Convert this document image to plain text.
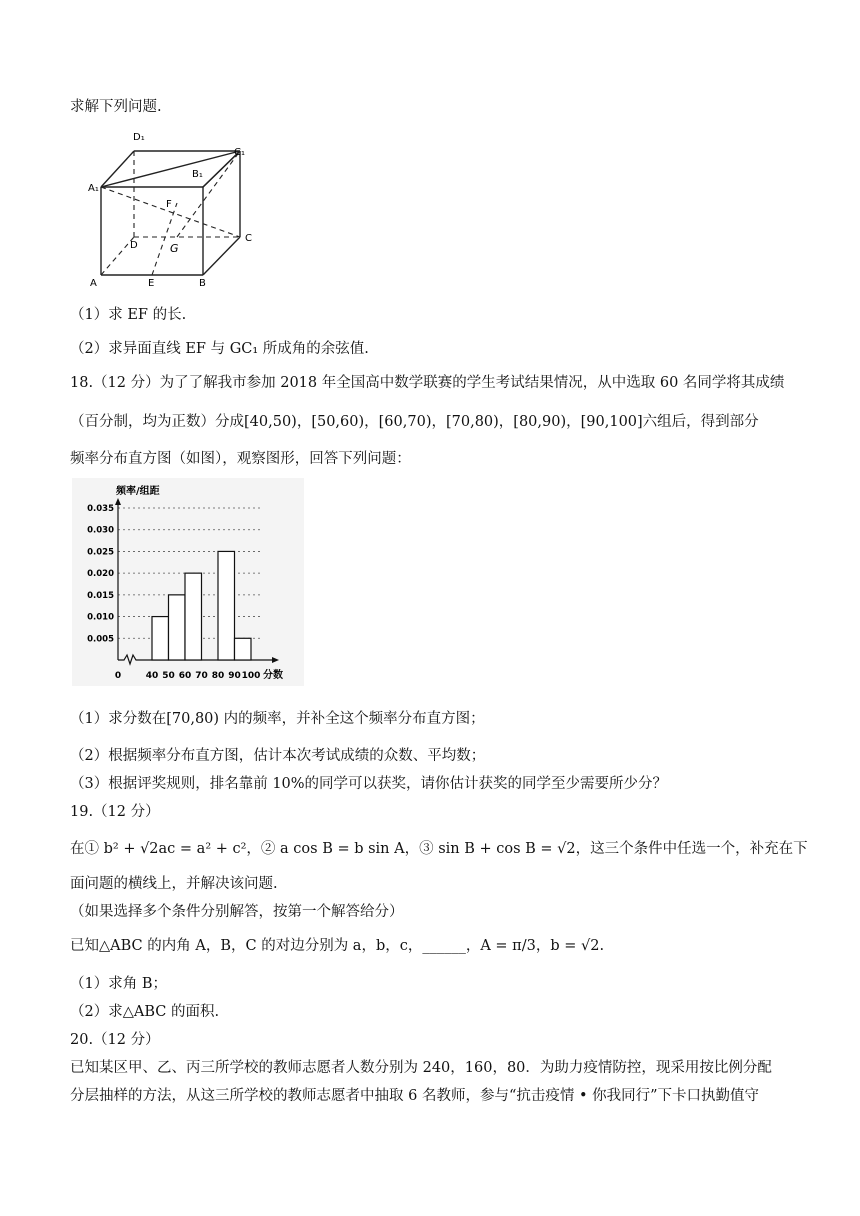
求解下列问题.
D₁
C₁
B₁
A₁
F
G
D
C
A	E	B
（1）求 EF 的长.
（2）求异面直线 EF 与 GC₁ 所成角的余弦值.
18.（12 分）为了了解我市参加 2018 年全国高中数学联赛的学生考试结果情况，从中选取 60 名同学将其成绩
（百分制，均为正数）分成[40,50)，[50,60)，[60,70)，[70,80)，[80,90)，[90,100]六组后，得到部分
频率分布直方图（如图），观察图形，回答下列问题：
0.005
0.010
0.015
0.020
0.025
0.030
0.035
频率/组距
0	40 50 60 70 80 90 100 分数
（1）求分数在[70,80) 内的频率，并补全这个频率分布直方图；
（2）根据频率分布直方图，估计本次考试成绩的众数、平均数；
（3）根据评奖规则，排名靠前 10%的同学可以获奖，请你估计获奖的同学至少需要所少分？
19.（12 分）
在① b² + √2ac = a² + c²，② a cos B = b sin A，③ sin B + cos B = √2，这三个条件中任选一个，补充在下
面问题的横线上，并解决该问题.
（如果选择多个条件分别解答，按第一个解答给分）
已知△ABC 的内角 A，B，C 的对边分别为 a，b，c，______，A = π/3，b = √2.
（1）求角 B；
（2）求△ABC 的面积.
20.（12 分）
已知某区甲、乙、丙三所学校的教师志愿者人数分别为 240，160，80．为助力疫情防控，现采用按比例分配
分层抽样的方法，从这三所学校的教师志愿者中抽取 6 名教师，参与“抗击疫情 • 你我同行”下卡口执勤值守
